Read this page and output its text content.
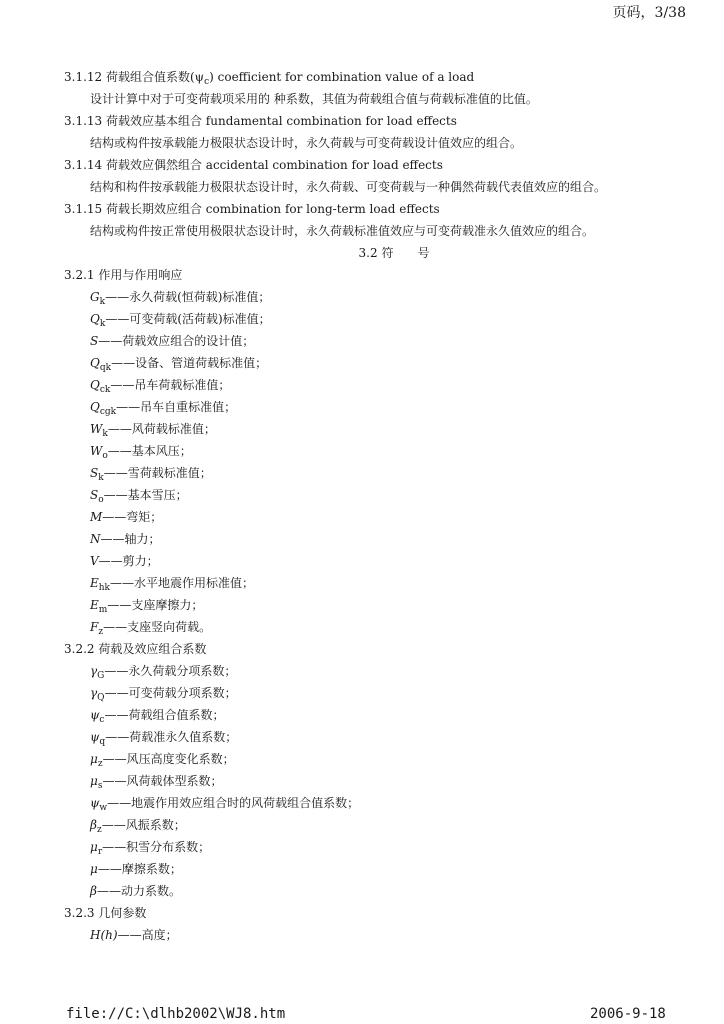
页码，3/38
3.1.12 荷载组合值系数$(\psi_c)$ coefficient for combination value of a load
设计计算中对于可变荷载项采用的 种系数，其值为荷载组合值与荷载标准值的比值。
3.1.13 荷载效应基本组合 fundamental combination for load effects
结构或构件按承载能力极限状态设计时，永久荷载与可变荷载设计值效应的组合。
3.1.14 荷载效应偶然组合 accidental combination for load effects
结构和构件按承载能力极限状态设计时，永久荷载、可变荷载与一种偶然荷载代表值效应的组合。
3.1.15 荷载长期效应组合 combination for long-term load effects
结构或构件按正常使用极限状态设计时，永久荷载标准值效应与可变荷载准永久值效应的组合。
3.2 符　　号
3.2.1 作用与作用响应
$G_k——$永久荷载(恒荷载)标准值；
$Q_k——$可变荷载(活荷载)标准值；
S——荷载效应组合的设计值；
$Q_{qk}——$设备、管道荷载标准值；
$Q_{ck}——$吊车荷载标准值；
$Q_{cgk}——$吊车自重标准值；
$W_k——$风荷载标准值；
$W_o——$基本风压；
$S_k——$雪荷载标准值；
$S_o——$基本雪压；
M——弯矩；
N——轴力；
V——剪力；
$E_{hk}——$水平地震作用标准值；
$E_m——$支座摩擦力；
$F_z——$支座竖向荷载。
3.2.2 荷载及效应组合系数
$\gamma_G——$永久荷载分项系数；
$\gamma_Q——$可变荷载分项系数；
$\psi_c——$荷载组合值系数；
$\psi_q——$荷载准永久值系数；
$\mu_z——$风压高度变化系数；
$\mu_s——$风荷载体型系数；
$\psi_w——$地震作用效应组合时的风荷载组合值系数；
$\beta_z——$风振系数；
$\mu_r——$积雪分布系数；
μ——摩擦系数；
β——动力系数。
3.2.3 几何参数
H(h)——高度；
file://C:\dlhb2002\WJ8.htm	2006-9-18
